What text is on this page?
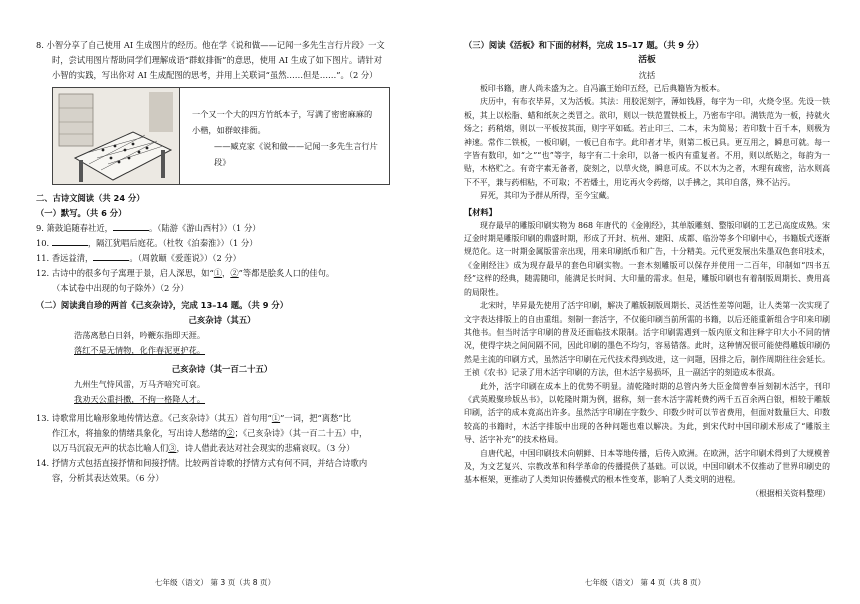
8. 小智分享了自己使用 AI 生成图片的经历。他在学《说和做——记闻一多先生言行片段》一文
时，尝试用图片帮助同学们理解成语“群蚁排衙”的意思，使用 AI 生成了如下图片。请针对
小智的实践，写出你对 AI 生成配图的思考，并用上关联词“虽然……但是……”。（2 分）

一个又一个大的四方竹纸本子，写满了密密麻麻的
小楷，如群蚁排衙。
——臧克家《说和做——记闻一多先生言行片段》

二、古诗文阅读（共 24 分）

（一）默写。（共 6 分）

9. 箫鼓追随春社近，	。（陆游《游山西村》）（1 分）

10.	，隔江犹唱后庭花。（杜牧《泊秦淮》）（1 分）

11. 香远益清，	。（周敦颐《爱莲说》）（2 分）

12. 古诗中的很多句子寓理于景，启人深思，如“①，②”等都是脍炙人口的佳句。
（本试卷中出现的句子除外）（2 分）

（二）阅读龚自珍的两首《己亥杂诗》，完成 13–14 题。（共 9 分）

己亥杂诗（其五）

浩荡离愁白日斜，吟鞭东指即天涯。

落红不是无情物，化作春泥更护花。

己亥杂诗（其一百二十五）

九州生气恃风雷，万马齐喑究可哀。

我劝天公重抖擞，不拘一格降人才。

13. 诗歌常用比喻形象地传情达意。《己亥杂诗》（其五）首句用“①”一词，把“离愁”比
作江水，将抽象的情绪具象化，写出诗人愁绪的②；《己亥杂诗》（其一百二十五）中，
以万马沉寂无声的状态比喻人们③，诗人借此表达对社会现实的悲痛哀叹。（3 分）

14. 抒情方式包括直接抒情和间接抒情。比较两首诗歌的抒情方式有何不同，并结合诗歌内
容，分析其表达效果。（6 分）

七年级（语文） 第 3 页（共 8 页）

（三）阅读《活板》和下面的材料，完成 15–17 题。（共 9 分）

活板

沈括

板印书籍，唐人尚未盛为之。自冯瀛王始印五经，已后典籍皆为板本。

庆历中，有布衣毕昇，又为活板。其法：用胶泥刻字，薄如钱唇，每字为一印，火烧令坚。先设一铁板，其上以松脂、蜡和纸灰之类冒之。欲印，则以一铁范置铁板上，乃密布字印。满铁范为一板，持就火炀之；药稍熔，则以一平板按其面，则字平如砥。若止印三、二本，未为简易；若印数十百千本，则极为神速。常作二铁板，一板印刷，一板已自布字。此印者才毕，则第二板已具。更互用之，瞬息可就。每一字皆有数印，如“之”“也”等字，每字有二十余印，以备一板内有重复者。不用，则以纸贴之，每韵为一贴，木格贮之。有奇字素无备者，旋刻之，以草火烧，瞬息可成。不以木为之者，木理有疏密，沾水则高下不平，兼与药相粘，不可取；不若燔土，用讫再火令药熔，以手拂之，其印自落，殊不沾污。

昇死，其印为予群从所得，至今宝藏。

【材料】

现存最早的雕版印刷实物为 868 年唐代的《金刚经》，其单版雕刻、整版印刷的工艺已高度成熟。宋辽金时期是雕版印刷的鼎盛时期，形成了开封、杭州、建阳、成都、临汾等多个印刷中心，书籍版式逐渐规范化。这一时期金属版雷亲出现，用来印刷纸币和广告，十分精美。元代更发展出朱墨双色套印技术，《金刚经注》成为现存最早的套色印刷实物。一套木刻雕版可以保存并使用一二百年，印制如“四书五经”这样的经典，随需随印，能满足长时间、大印量的需求。但是，雕版印刷也有着制版周期长、费用高的局限性。

北宋时，毕昇最先使用了活字印刷，解决了雕版制版周期长、灵活性差等问题，让人类第一次实现了文字表达排版上的自由重组。刻制一套活字，不仅能印刷当前所需的书籍，以后还能重新组合字印来印刷其他书。但当时活字印刷的普及还面临技术限制。活字印刷需遇到一版内原文和注释字印大小不同的情况，使得字块之间间隔不同，因此印刷的墨色不均匀，容易错落。此时，这种情况很可能使得雕版印刷仍然是主流的印刷方式，虽然活字印刷在元代技术得到改进，这一问题，因排之后，制作周期往往会延长。王祯《农书》记录了用木活字印刷的方法，但木活字易损坏，且一副活字的刻造成本很高。

此外，活字印刷在成本上的优势不明显。清乾隆时期的总管内务大臣金简曾奉旨刻制木活字，刊印《武英殿聚珍版丛书》，以乾隆时期为例，据称，刻一套木活字需耗费约两千五百余两白银，相较于雕版印刷，活字的成本竟高出许多。虽然活字印刷在字数少、印数少时可以节省费用，但面对数量巨大、印数较高的书籍时，木活字排版中出现的各种问题也难以解决。为此，到宋代时中国印刷术形成了“雕版主导、活字补充”的技术格局。

自唐代起，中国印刷技术向朝鲜、日本等地传播，后传入欧洲。在欧洲，活字印刷术得到了大规模普及，为文艺复兴、宗教改革和科学革命的传播提供了基础。可以说，中国印刷术不仅推动了世界印刷史的基本框架，更推动了人类知识传播模式的根本性变革，影响了人类文明的进程。

（根据相关资料整理）

七年级（语文） 第 4 页（共 8 页）
